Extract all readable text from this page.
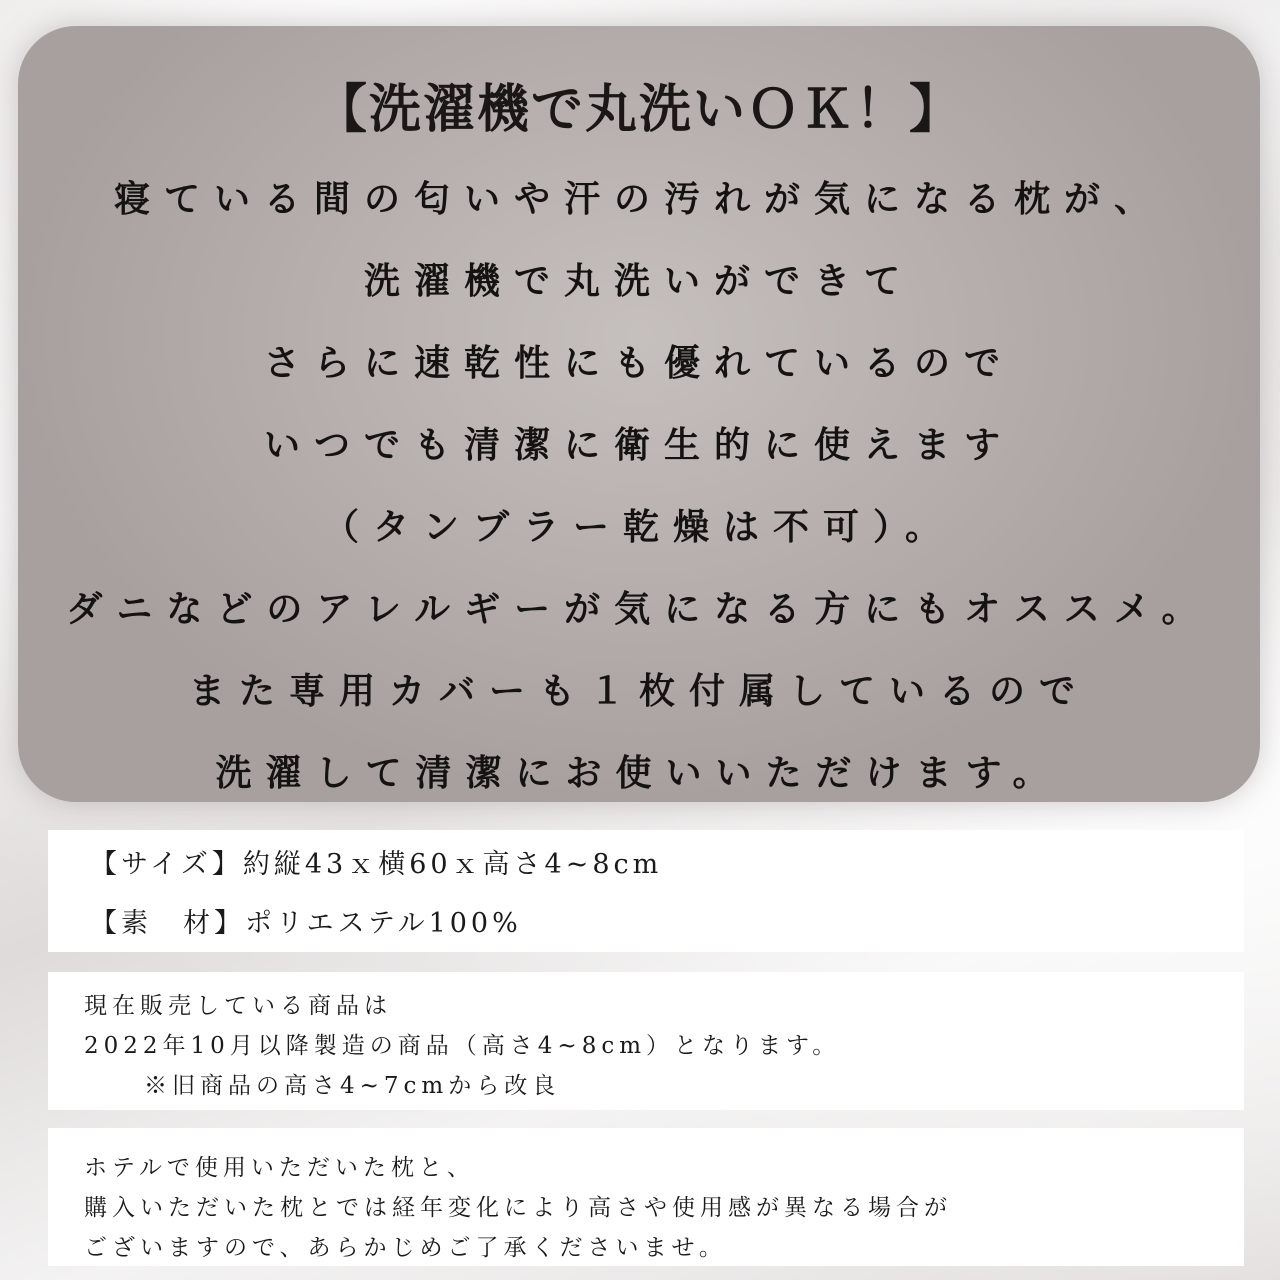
【洗濯機で丸洗いＯＫ！】
寝ている間の匂いや汗の汚れが気になる枕が、
洗濯機で丸洗いができて
さらに速乾性にも優れているので
いつでも清潔に衛生的に使えます
（タンブラー乾燥は不可）。
ダニなどのアレルギーが気になる方にもオススメ。
また専用カバーも１枚付属しているので
洗濯して清潔にお使いいただけます。
【サイズ】約縦43ｘ横60ｘ高さ4~8cm
【素　材】ポリエステル100%
現在販売している商品は
2022年10月以降製造の商品（高さ4~8cm）となります。
※旧商品の高さ4~7cmから改良
ホテルで使用いただいた枕と、
購入いただいた枕とでは経年変化により高さや使用感が異なる場合が
ございますので、あらかじめご了承くださいませ。
